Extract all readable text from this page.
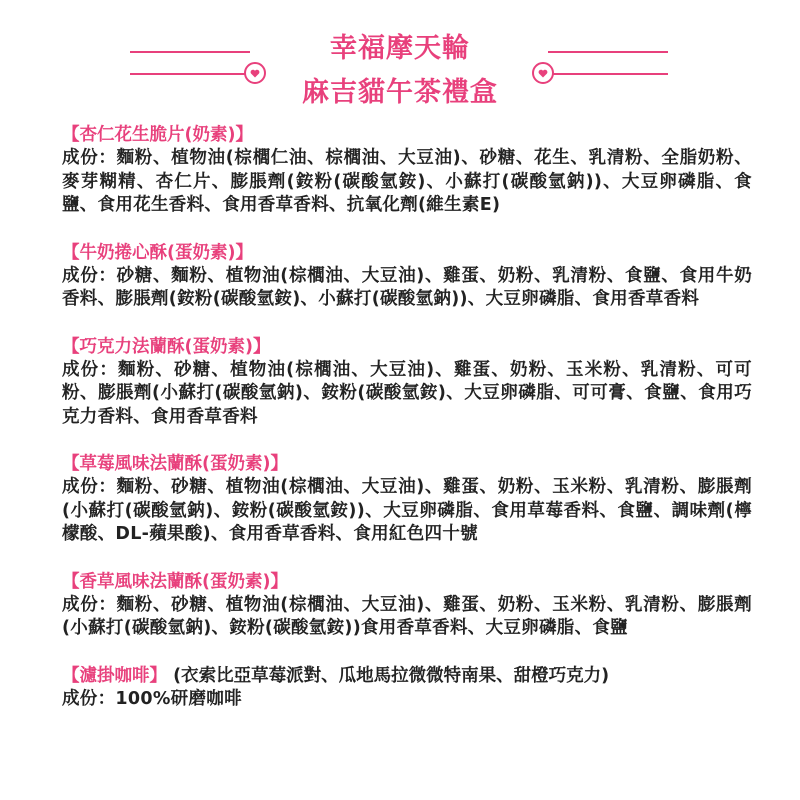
幸福摩天輪
麻吉貓午茶禮盒
【杏仁花生脆片(奶素)】
成份：麵粉、植物油(棕櫚仁油、棕櫚油、大豆油)、砂糖、花生、乳清粉、全脂奶粉、麥芽糊精、杏仁片、膨脹劑(銨粉(碳酸氫銨)、小蘇打(碳酸氫鈉))、大豆卵磷脂、食鹽、食用花生香料、食用香草香料、抗氧化劑(維生素E)
【牛奶捲心酥(蛋奶素)】
成份：砂糖、麵粉、植物油(棕櫚油、大豆油)、雞蛋、奶粉、乳清粉、食鹽、食用牛奶香料、膨脹劑(銨粉(碳酸氫銨)、小蘇打(碳酸氫鈉))、大豆卵磷脂、食用香草香料
【巧克力法蘭酥(蛋奶素)】
成份：麵粉、砂糖、植物油(棕櫚油、大豆油)、雞蛋、奶粉、玉米粉、乳清粉、可可粉、膨脹劑(小蘇打(碳酸氫鈉)、銨粉(碳酸氫銨)、大豆卵磷脂、可可膏、食鹽、食用巧克力香料、食用香草香料
【草莓風味法蘭酥(蛋奶素)】
成份：麵粉、砂糖、植物油(棕櫚油、大豆油)、雞蛋、奶粉、玉米粉、乳清粉、膨脹劑(小蘇打(碳酸氫鈉)、銨粉(碳酸氫銨))、大豆卵磷脂、食用草莓香料、食鹽、調味劑(檸檬酸、DL-蘋果酸)、食用香草香料、食用紅色四十號
【香草風味法蘭酥(蛋奶素)】
成份：麵粉、砂糖、植物油(棕櫚油、大豆油)、雞蛋、奶粉、玉米粉、乳清粉、膨脹劑(小蘇打(碳酸氫鈉)、銨粉(碳酸氫銨))食用香草香料、大豆卵磷脂、食鹽
【濾掛咖啡】 (衣索比亞草莓派對、瓜地馬拉微微特南果、甜橙巧克力)
成份：100%研磨咖啡
